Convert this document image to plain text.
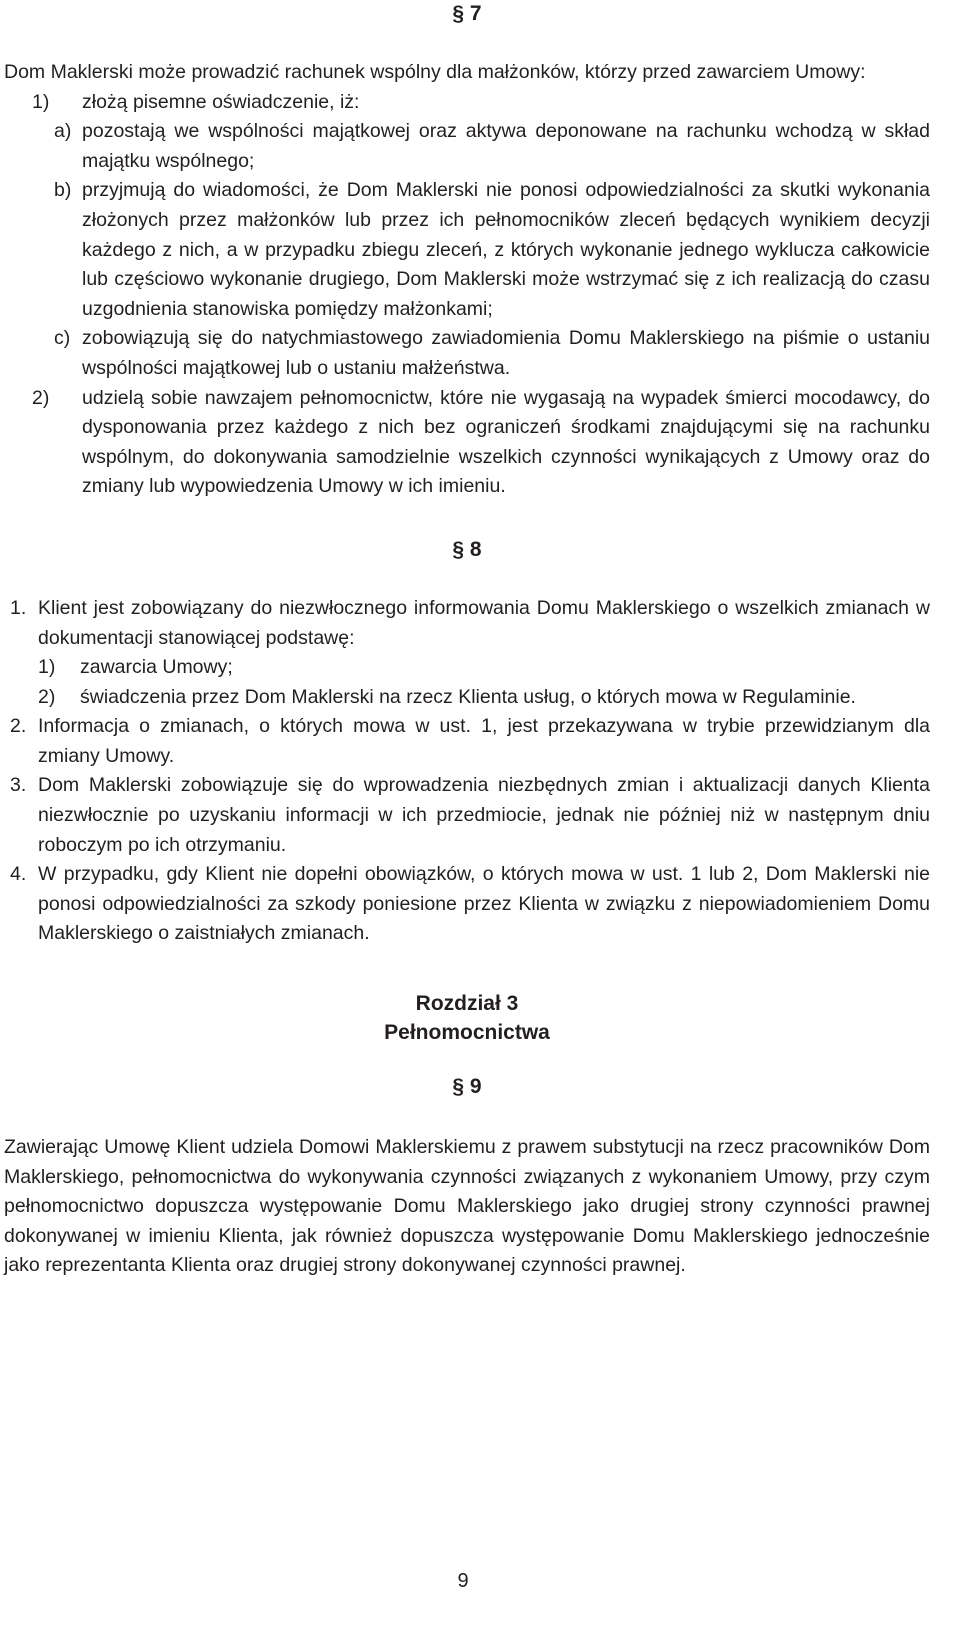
§ 7

Dom Maklerski może prowadzić rachunek wspólny dla małżonków, którzy przed zawarciem Umowy:

1)	złożą pisemne oświadczenie, iż:
a) pozostają we wspólności majątkowej oraz aktywa deponowane na rachunku wchodzą w skład majątku wspólnego;
b) przyjmują do wiadomości, że Dom Maklerski nie ponosi odpowiedzialności za skutki wykonania złożonych przez małżonków lub przez ich pełnomocników zleceń będących wynikiem decyzji każdego z nich, a w przypadku zbiegu zleceń, z których wykonanie jednego wyklucza całkowicie lub częściowo wykonanie drugiego, Dom Maklerski może wstrzymać się z ich realizacją do czasu uzgodnienia stanowiska pomiędzy małżonkami;
c) zobowiązują się do natychmiastowego zawiadomienia Domu Maklerskiego na piśmie o ustaniu wspólności majątkowej lub o ustaniu małżeństwa.
2)	udzielą sobie nawzajem pełnomocnictw, które nie wygasają na wypadek śmierci mocodawcy, do dysponowania przez każdego z nich bez ograniczeń środkami znajdującymi się na rachunku wspólnym, do dokonywania samodzielnie wszelkich czynności wynikających z Umowy oraz do zmiany lub wypowiedzenia Umowy w ich imieniu.
§ 8
1. Klient jest zobowiązany do niezwłocznego informowania Domu Maklerskiego o wszelkich zmianach w dokumentacji stanowiącej podstawę:
1)	zawarcia Umowy;
2)	świadczenia przez Dom Maklerski na rzecz Klienta usług, o których mowa w Regulaminie.
2. Informacja o zmianach, o których mowa w ust. 1, jest przekazywana w trybie przewidzianym dla zmiany Umowy.
3. Dom Maklerski zobowiązuje się do wprowadzenia niezbędnych zmian i aktualizacji danych Klienta niezwłocznie po uzyskaniu informacji w ich przedmiocie, jednak nie później niż w następnym dniu roboczym po ich otrzymaniu.
4. W przypadku, gdy Klient nie dopełni obowiązków, o których mowa w ust. 1 lub 2, Dom Maklerski nie ponosi odpowiedzialności za szkody poniesione przez Klienta w związku z niepowiadomieniem Domu Maklerskiego o zaistniałych zmianach.
Rozdział 3
Pełnomocnictwa
§ 9

Zawierając Umowę Klient udziela Domowi Maklerskiemu z prawem substytucji na rzecz pracowników Dom Maklerskiego, pełnomocnictwa do wykonywania czynności związanych z wykonaniem Umowy, przy czym pełnomocnictwo dopuszcza występowanie Domu Maklerskiego jako drugiej strony czynności prawnej dokonywanej w imieniu Klienta, jak również dopuszcza występowanie Domu Maklerskiego jednocześnie jako reprezentanta Klienta oraz drugiej strony dokonywanej czynności prawnej.

9
